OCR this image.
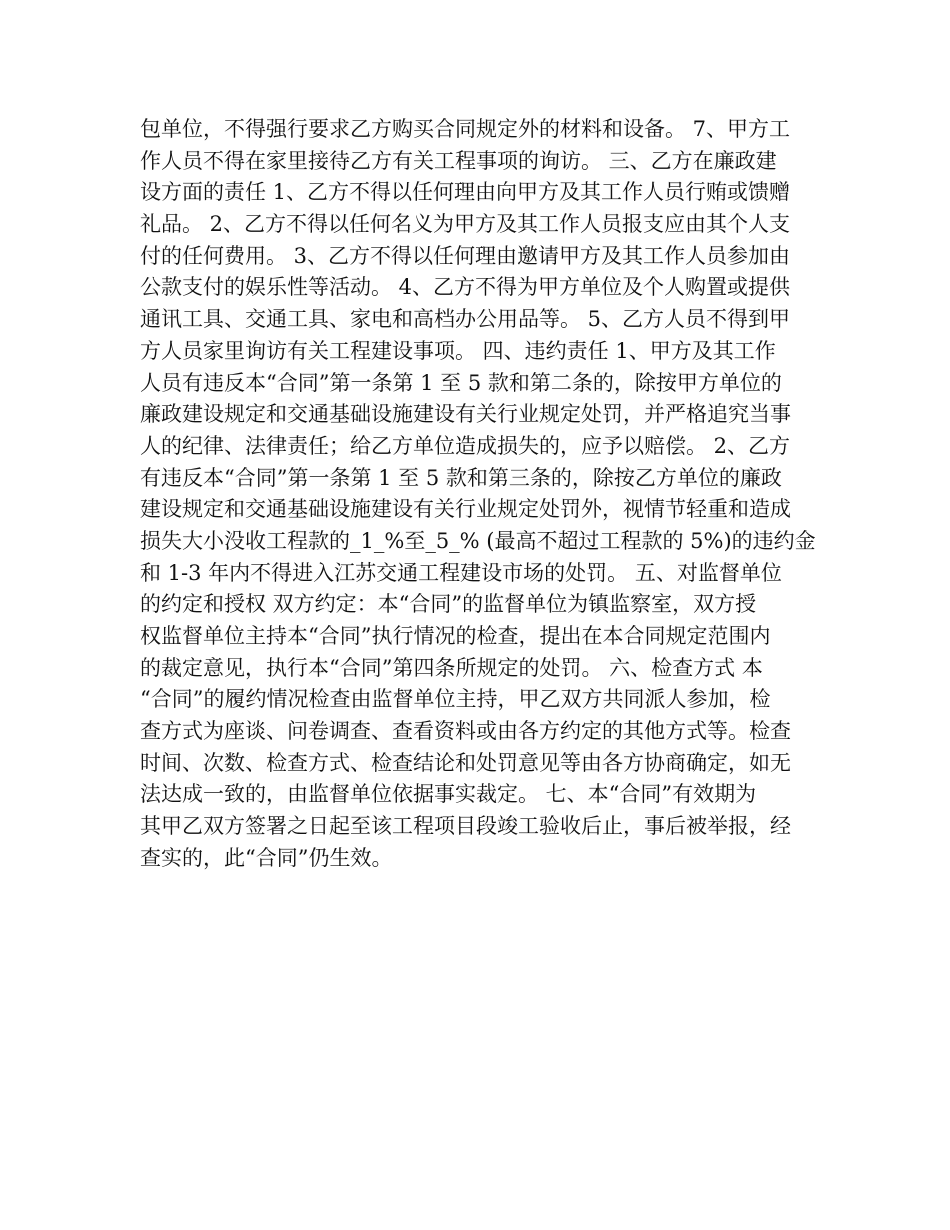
包单位，不得强行要求乙方购买合同规定外的材料和设备。 7、甲方工
作人员不得在家里接待乙方有关工程事项的询访。 三、乙方在廉政建
设方面的责任 1、乙方不得以任何理由向甲方及其工作人员行贿或馈赠
礼品。 2、乙方不得以任何名义为甲方及其工作人员报支应由其个人支
付的任何费用。 3、乙方不得以任何理由邀请甲方及其工作人员参加由
公款支付的娱乐性等活动。 4、乙方不得为甲方单位及个人购置或提供
通讯工具、交通工具、家电和高档办公用品等。 5、乙方人员不得到甲
方人员家里询访有关工程建设事项。 四、违约责任 1、甲方及其工作
人员有违反本“合同”第一条第 1 至 5 款和第二条的，除按甲方单位的
廉政建设规定和交通基础设施建设有关行业规定处罚，并严格追究当事
人的纪律、法律责任；给乙方单位造成损失的，应予以赔偿。 2、乙方
有违反本“合同”第一条第 1 至 5 款和第三条的，除按乙方单位的廉政
建设规定和交通基础设施建设有关行业规定处罚外，视情节轻重和造成
损失大小没收工程款的_1_%至_5_% (最高不超过工程款的 5%)的违约金
和 1-3 年内不得进入江苏交通工程建设市场的处罚。 五、对监督单位
的约定和授权 双方约定：本“合同”的监督单位为镇监察室，双方授
权监督单位主持本“合同”执行情况的检查，提出在本合同规定范围内
的裁定意见，执行本“合同”第四条所规定的处罚。 六、检查方式 本
“合同”的履约情况检查由监督单位主持，甲乙双方共同派人参加，检
查方式为座谈、问卷调查、查看资料或由各方约定的其他方式等。检查
时间、次数、检查方式、检查结论和处罚意见等由各方协商确定，如无
法达成一致的，由监督单位依据事实裁定。 七、本“合同”有效期为
其甲乙双方签署之日起至该工程项目段竣工验收后止，事后被举报，经
查实的，此“合同”仍生效。
